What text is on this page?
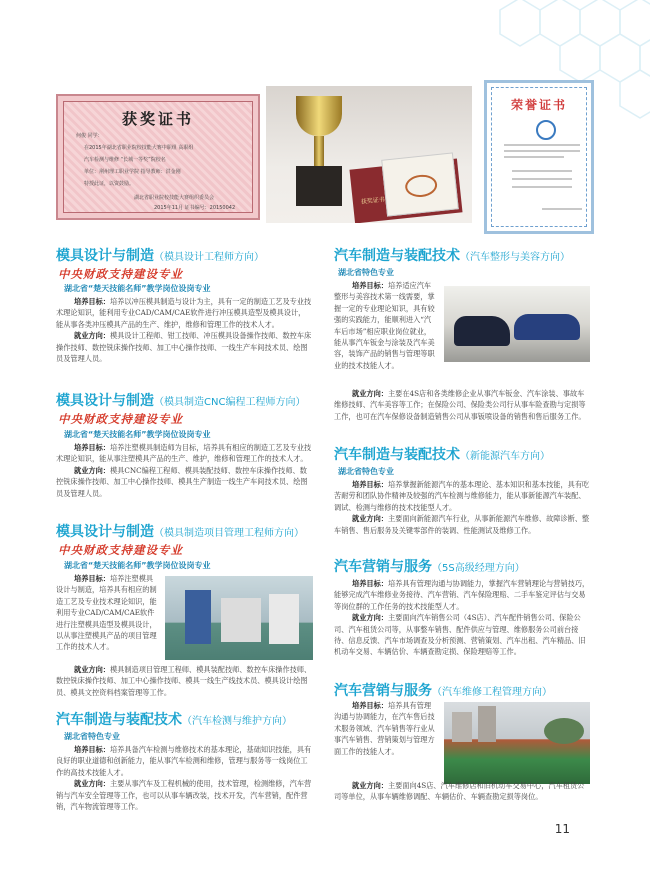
获奖证书
何俊 同学：
在2015年湖北省职业院校技能大赛中职组 高职组
汽车检测与维修 “长城一等奖”院校名
单位：荆州理工职业学院 指导教师：洪金刚
特授此证，以资鼓励。
湖北省职业院校技能大赛组织委员会
2015年11月 证书编号：20150042
获奖证书
荣誉证书
模具设计与制造（模具设计工程师方向）
中央财政支持建设专业
湖北省“楚天技能名师”教学岗位设岗专业
培养目标：培养以冲压模具制造与设计为主，具有一定的制造工艺及专业技术理论知识，能利用专业CAD/CAM/CAE软件进行冲压模具造型及模具设计，能从事各类冲压模具产品的生产、维护，维修和管理工作的技术人才。
就业方向：模具设计工程师、钳工技师、冲压模具设备操作技师、数控车床操作技师、数控铣床操作技师、加工中心操作技师、一线生产车间技术员、绘图员及管理人员。
模具设计与制造（模具制造CNC编程工程师方向）
中央财政支持建设专业
湖北省“楚天技能名师”教学岗位设岗专业
培养目标：培养注塑模具制造师为目标，培养具有相应的制造工艺及专业技术理论知识，能从事注塑模具产品的生产、维护，维修和管理工作的技术人才。
就业方向：模具CNC编程工程师、模具装配技师、数控车床操作技师、数控铣床操作技师、加工中心操作技师、模具生产制造一线生产车间技术员、绘图员及管理人员。
模具设计与制造（模具制造项目管理工程师方向）
中央财政支持建设专业
湖北省“楚天技能名师”教学岗位设岗专业
培养目标：培养注塑模具设计与制造，培养具有相应的制造工艺及专业技术理论知识，能利用专业CAD/CAM/CAE软件进行注塑模具造型及模具设计，以从事注塑模具产品的项目管理工作的技术人才。
就业方向：模具制造项目管理工程师、模具装配技师、数控车床操作技师、数控铣床操作技师、加工中心操作技师、模具一线生产线技术员、模具设计绘图员、模具文控资料档案管理等工作。
汽车制造与装配技术（汽车检测与维护方向）
湖北省特色专业
培养目标：培养具备汽车检测与维修技术的基本理论，基础知识技能，具有良好的职业道德和创新能力，能从事汽车检测和维修，管理与服务等一线岗位工作的高技术技能人才。
就业方向：主要从事汽车及工程机械的使用，技术管理，检测维修，汽车营销与汽车安全管理等工作，也可以从事车辆改装，技术开发，汽车营销，配件营销，汽车物流管理等工作。
汽车制造与装配技术（汽车整形与美容方向）
湖北省特色专业
培养目标：培养适应汽车整形与美容技术第一线需要，掌握一定的专业理论知识，具有较强的实践能力，能顺利进入“汽车后市场”相应职业岗位就业，能从事汽车钣金与涂装及汽车美容，装饰产品的销售与管理等职业的技术技能人才。
就业方向：主要在4S店和各类维修企业从事汽车钣金、汽车涂装、事故车维修技师、汽车美容等工作；在保险公司、保险类公司行从事车险查勘与定损等工作，也可在汽车保修设备制造销售公司从事钣喷设备的销售和售后服务工作。
汽车制造与装配技术（新能源汽车方向）
湖北省特色专业
培养目标：培养掌握新能源汽车的基本理论、基本知识和基本技能，具有吃苦耐劳和团队协作精神及较强的汽车检测与维修能力，能从事新能源汽车装配、调试、检测与维修的技术技能型人才。
就业方向：主要面向新能源汽车行业，从事新能源汽车维修、故障诊断、整车销售、售后服务及关键零部件的装调、性能测试及维修工作。
汽车营销与服务（5S高级经理方向）
培养目标：培养具有管理沟通与协调能力，掌握汽车营销理论与营销技巧，能够完成汽车维修业务接待、汽车营销、汽车保险理赔、二手车鉴定评估与交易等岗位群的工作任务的技术技能型人才。
就业方向：主要面向汽车销售公司（4S店）、汽车配件销售公司、保险公司、汽车租赁公司等，从事整车销售、配件供应与管理、维修服务公司前台接待、信息反馈、汽车市场调查及分析预测、营销策划、汽车出租、汽车精品、旧机动车交易、车辆估价、车辆查勘定损、保险理赔等工作。
汽车营销与服务（汽车维修工程管理方向）
培养目标：培养具有管理沟通与协调能力，在汽车售后技术服务领域、汽车销售等行业从事汽车销售、营销策划与管理方面工作的技能人才。
就业方向：主要面向4S店、汽车维修店和旧机动车交易中心，汽车租赁公司等单位，从事车辆维修调配、车辆估价、车辆查勘定损等岗位。
11
